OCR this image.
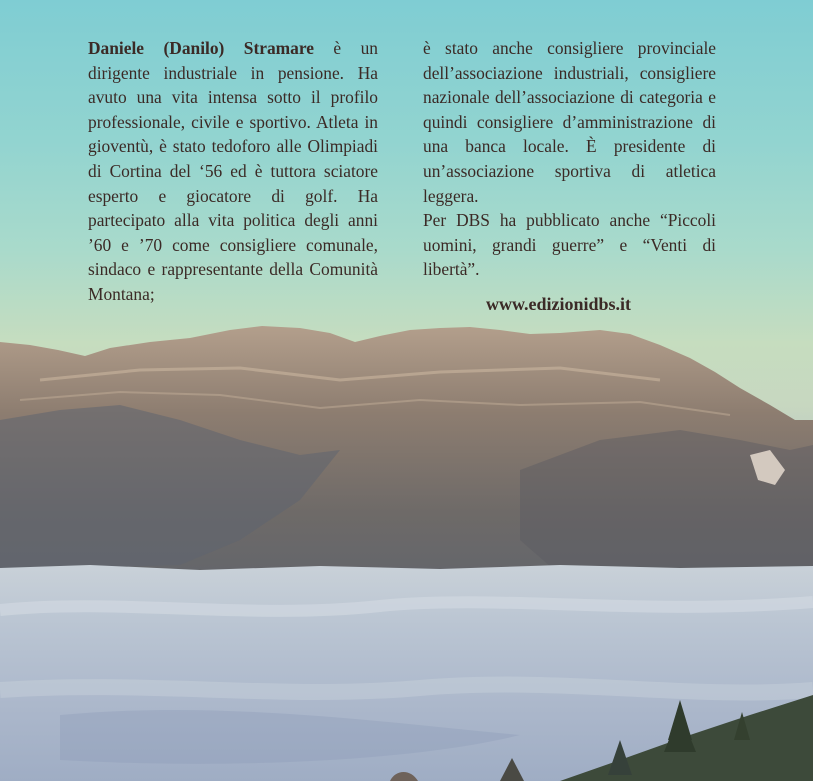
Daniele (Danilo) Stramare è un dirigente industriale in pensione. Ha avuto una vita intensa sotto il profilo professionale, civile e sportivo. Atleta in gioventù, è stato tedoforo alle Olimpiadi di Cortina del ‘56 ed è tuttora sciatore esperto e giocatore di golf. Ha partecipato alla vita politica degli anni ’60 e ’70 come consigliere comunale, sindaco e rappresentante della Comunità Montana;

è stato anche consigliere provinciale dell’associazione industriali, consigliere nazionale dell’associazione di categoria e quindi consigliere d’amministrazione di una banca locale. È presidente di un’associazione sportiva di atletica leggera.

Per DBS ha pubblicato anche “Piccoli uomini, grandi guerre” e “Venti di libertà”.

www.edizionidbs.it
